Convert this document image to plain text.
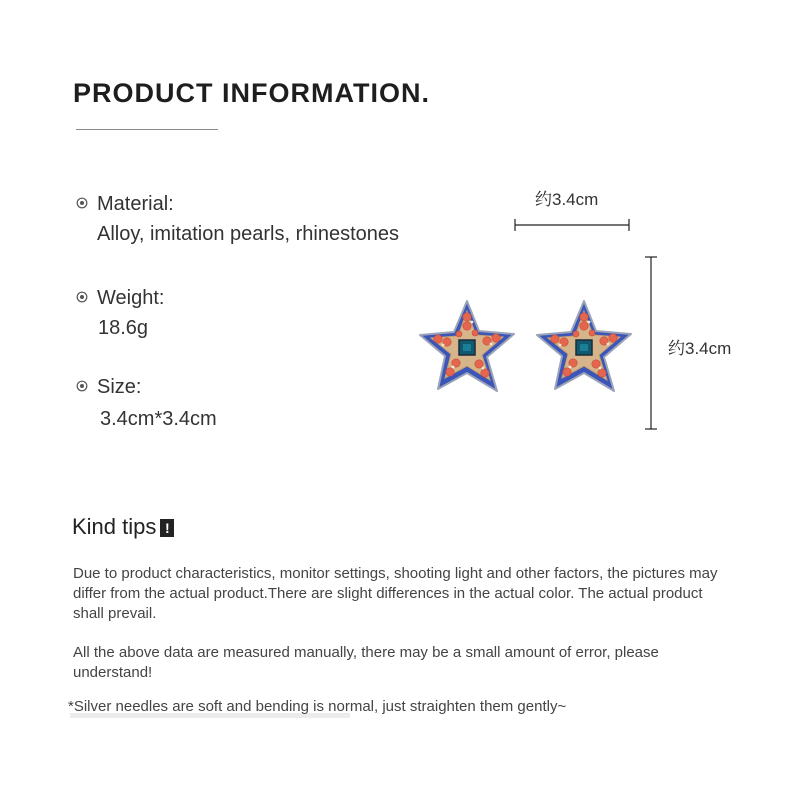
PRODUCT INFORMATION.
Material:
Alloy, imitation pearls, rhinestones
Weight:
18.6g
Size:
3.4cm*3.4cm
约3.4cm
约3.4cm
Kind tips !

Due to product characteristics, monitor settings, shooting light and other factors, the pictures may differ from the actual product.There are slight differences in the actual color. The actual product shall prevail.

All the above data are measured manually, there may be a small amount of error, please understand!

*Silver needles are soft and bending is normal, just straighten them gently~
